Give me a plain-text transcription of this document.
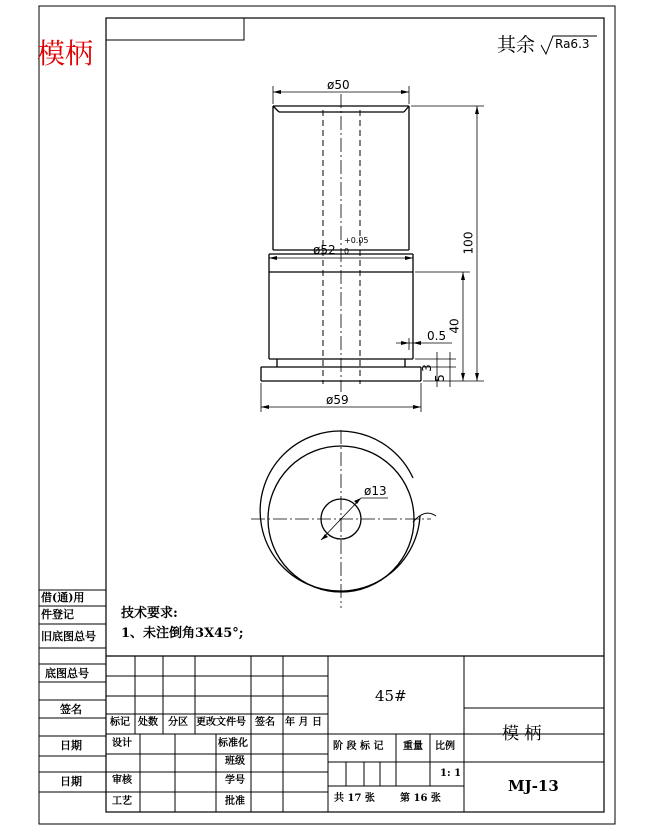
模柄	其余 Ra6.3
ø50
ø52
+0.05
0
ø59
ø13
100
40
3
5
0.5
借(通)用
件登记
旧底图总号
底图总号
签名
日期
日期
技术要求:
1、未注倒角3X45°;
45#
模 柄
MJ-13
标记 处数 分区 更改文件号 签名 年 月 日
设计	标准化
班级
审核	学号
工艺	批准
阶 段 标 记 重量 比例
1: 1
共 17 张	第 16 张
